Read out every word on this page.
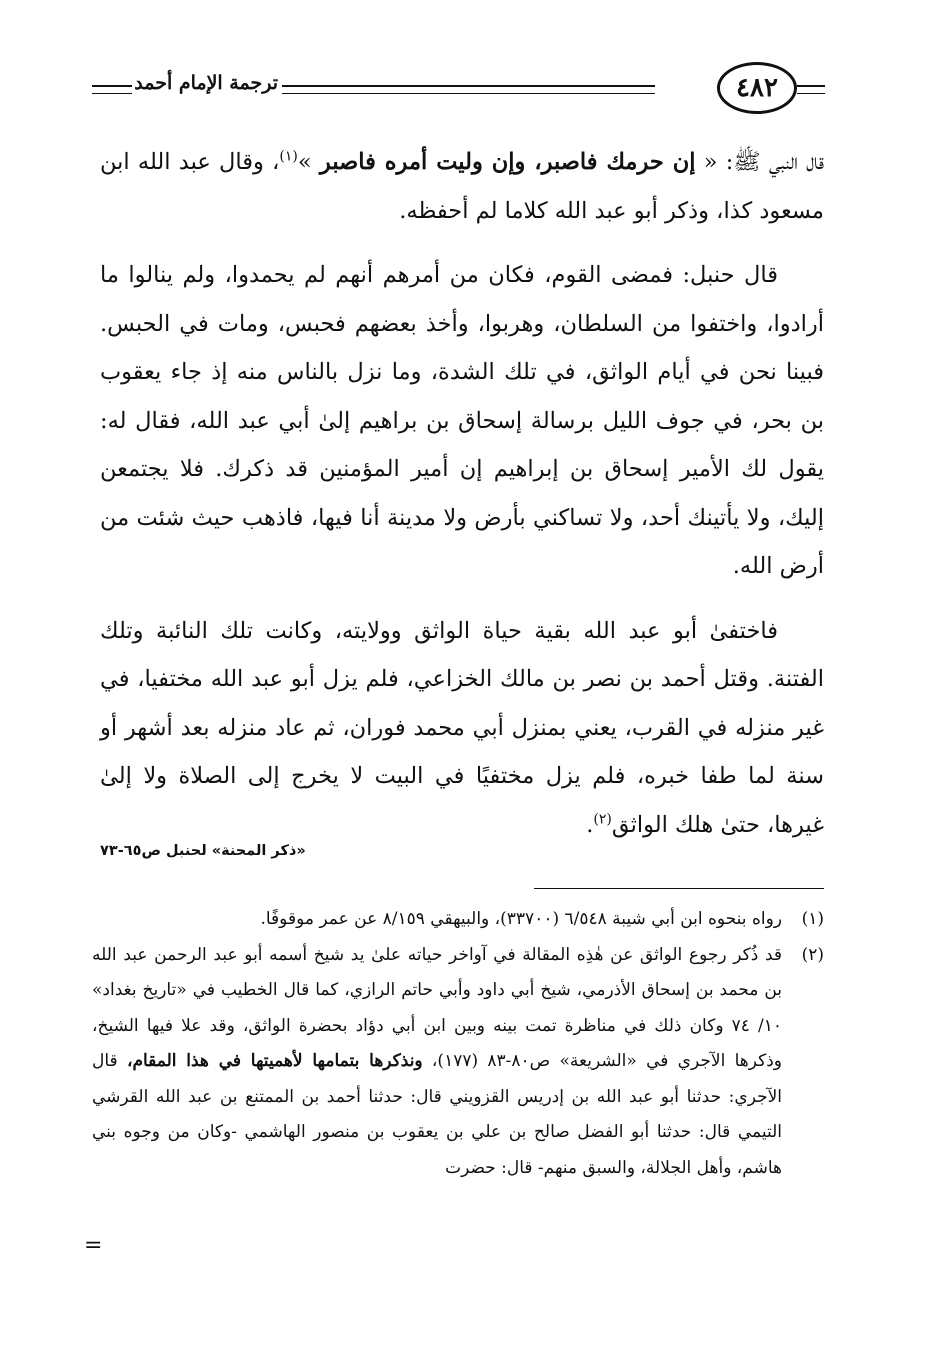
٤٨٢
ترجمة الإمام أحمد

قال النبي ﷺ: « إن حرمك فاصبر، وإن وليت أمره فاصبر »$^{(١)}$، وقال عبد الله ابن مسعود كذا، وذكر أبو عبد الله كلاما لم أحفظه.

قال حنبل: فمضى القوم، فكان من أمرهم أنهم لم يحمدوا، ولم ينالوا ما أرادوا، واختفوا من السلطان، وهربوا، وأخذ بعضهم فحبس، ومات في الحبس. فبينا نحن في أيام الواثق، في تلك الشدة، وما نزل بالناس منه إذ جاء يعقوب بن بحر، في جوف الليل برسالة إسحاق بن براهيم إلىٰ أبي عبد الله، فقال له: يقول لك الأمير إسحاق بن إبراهيم إن أمير المؤمنين قد ذكرك. فلا يجتمعن إليك، ولا يأتينك أحد، ولا تساكني بأرض ولا مدينة أنا فيها، فاذهب حيث شئت من أرض الله.

فاختفىٰ أبو عبد الله بقية حياة الواثق وولايته، وكانت تلك النائبة وتلك الفتنة. وقتل أحمد بن نصر بن مالك الخزاعي، فلم يزل أبو عبد الله مختفيا، في غير منزله في القرب، يعني بمنزل أبي محمد فوران، ثم عاد منزله بعد أشهر أو سنة لما طفا خبره، فلم يزل مختفيًا في البيت لا يخرج إلى الصلاة ولا إلىٰ غيرها، حتىٰ هلك الواثق$^{(٢)}$.

«ذكر المحنة» لحنبل ص٦٥-٧٣
(١)
رواه بنحوه ابن أبي شيبة ٦/٥٤٨ (٣٣٧٠٠)، والبيهقي ٨/١٥٩ عن عمر موقوفًا.
(٢)
قد ذُكر رجوع الواثق عن هٰذِه المقالة في آواخر حياته علىٰ يد شيخ أسمه أبو عبد الرحمن عبد الله بن محمد بن إسحاق الأذرمي، شيخ أبي داود وأبي حاتم الرازي، كما قال الخطيب في «تاريخ بغداد» ١٠/ ٧٤ وكان ذلك في مناظرة تمت بينه وبين ابن أبي دؤاد بحضرة الواثق، وقد علا فيها الشيخ، وذكرها الآجري في «الشريعة» ص٨٠-٨٣ (١٧٧)، ونذكرها بتمامها لأهميتها في هذا المقام، قال الآجري: حدثنا أبو عبد الله بن إدريس القزويني قال: حدثنا أحمد بن الممتنع بن عبد الله القرشي التيمي قال: حدثنا أبو الفضل صالح بن علي بن يعقوب بن منصور الهاشمي -وكان من وجوه بني هاشم، وأهل الجلالة، والسبق منهم- قال: حضرت
=
